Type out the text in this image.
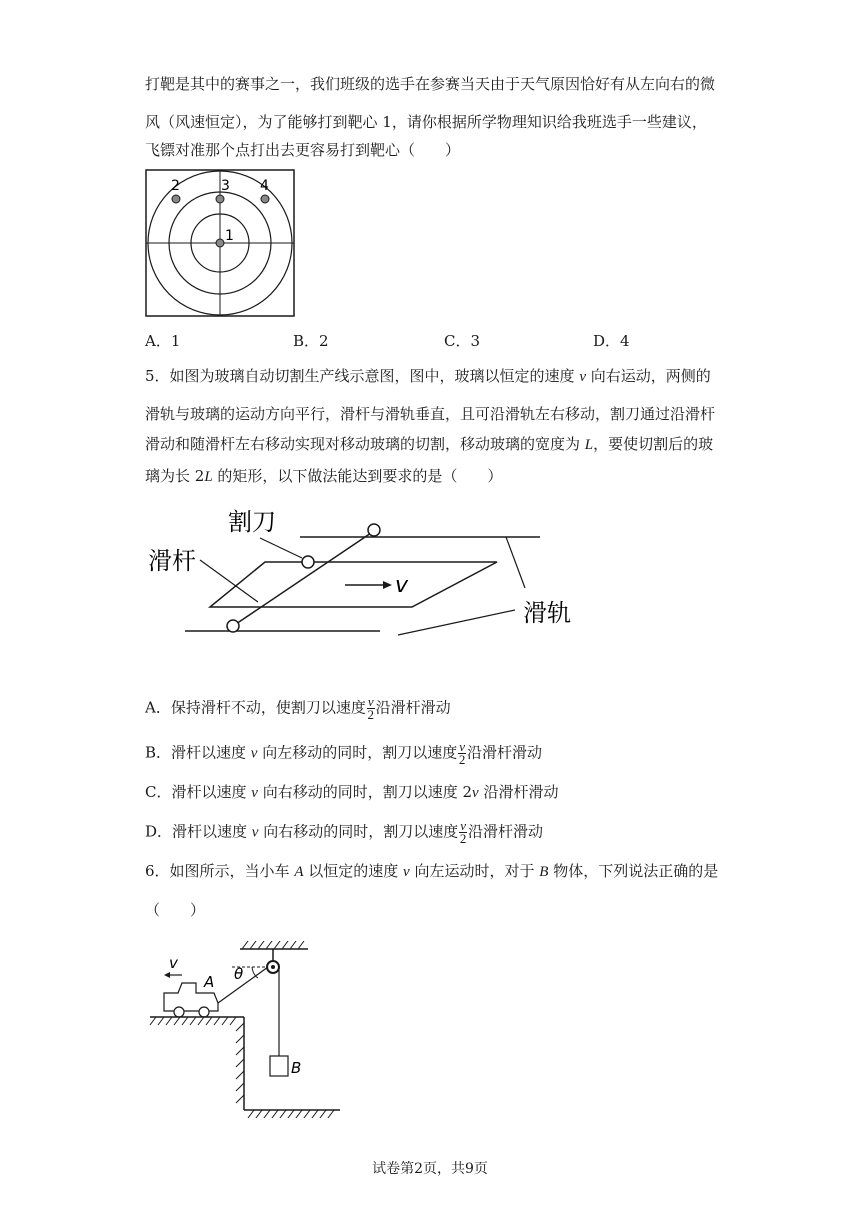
打靶是其中的赛事之一，我们班级的选手在参赛当天由于天气原因恰好有从左向右的微
风（风速恒定），为了能够打到靶心 1，请你根据所学物理知识给我班选手一些建议，
飞镖对准那个点打出去更容易打到靶心（　　）
1
2	3 4
A．1	B．2	C．3	D．4
5．如图为玻璃自动切割生产线示意图，图中，玻璃以恒定的速度 v 向右运动，两侧的
滑轨与玻璃的运动方向平行，滑杆与滑轨垂直，且可沿滑轨左右移动，割刀通过沿滑杆
滑动和随滑杆左右移动实现对移动玻璃的切割，移动玻璃的宽度为 L，要使切割后的玻
璃为长 2L 的矩形，以下做法能达到要求的是（　　）
v
割刀
滑杆
滑轨
A．保持滑杆不动，使割刀以速度 $\frac{v}{2}$ 沿滑杆滑动
B．滑杆以速度 v 向左移动的同时，割刀以速度 $\frac{v}{2}$ 沿滑杆滑动
C．滑杆以速度 v 向右移动的同时，割刀以速度 2v 沿滑杆滑动
D．滑杆以速度 v 向右移动的同时，割刀以速度 $\frac{v}{2}$ 沿滑杆滑动
6．如图所示，当小车 A 以恒定的速度 v 向左运动时，对于 B 物体，下列说法正确的是
（　　）
B
θ
A
v
试卷第2页，共9页
